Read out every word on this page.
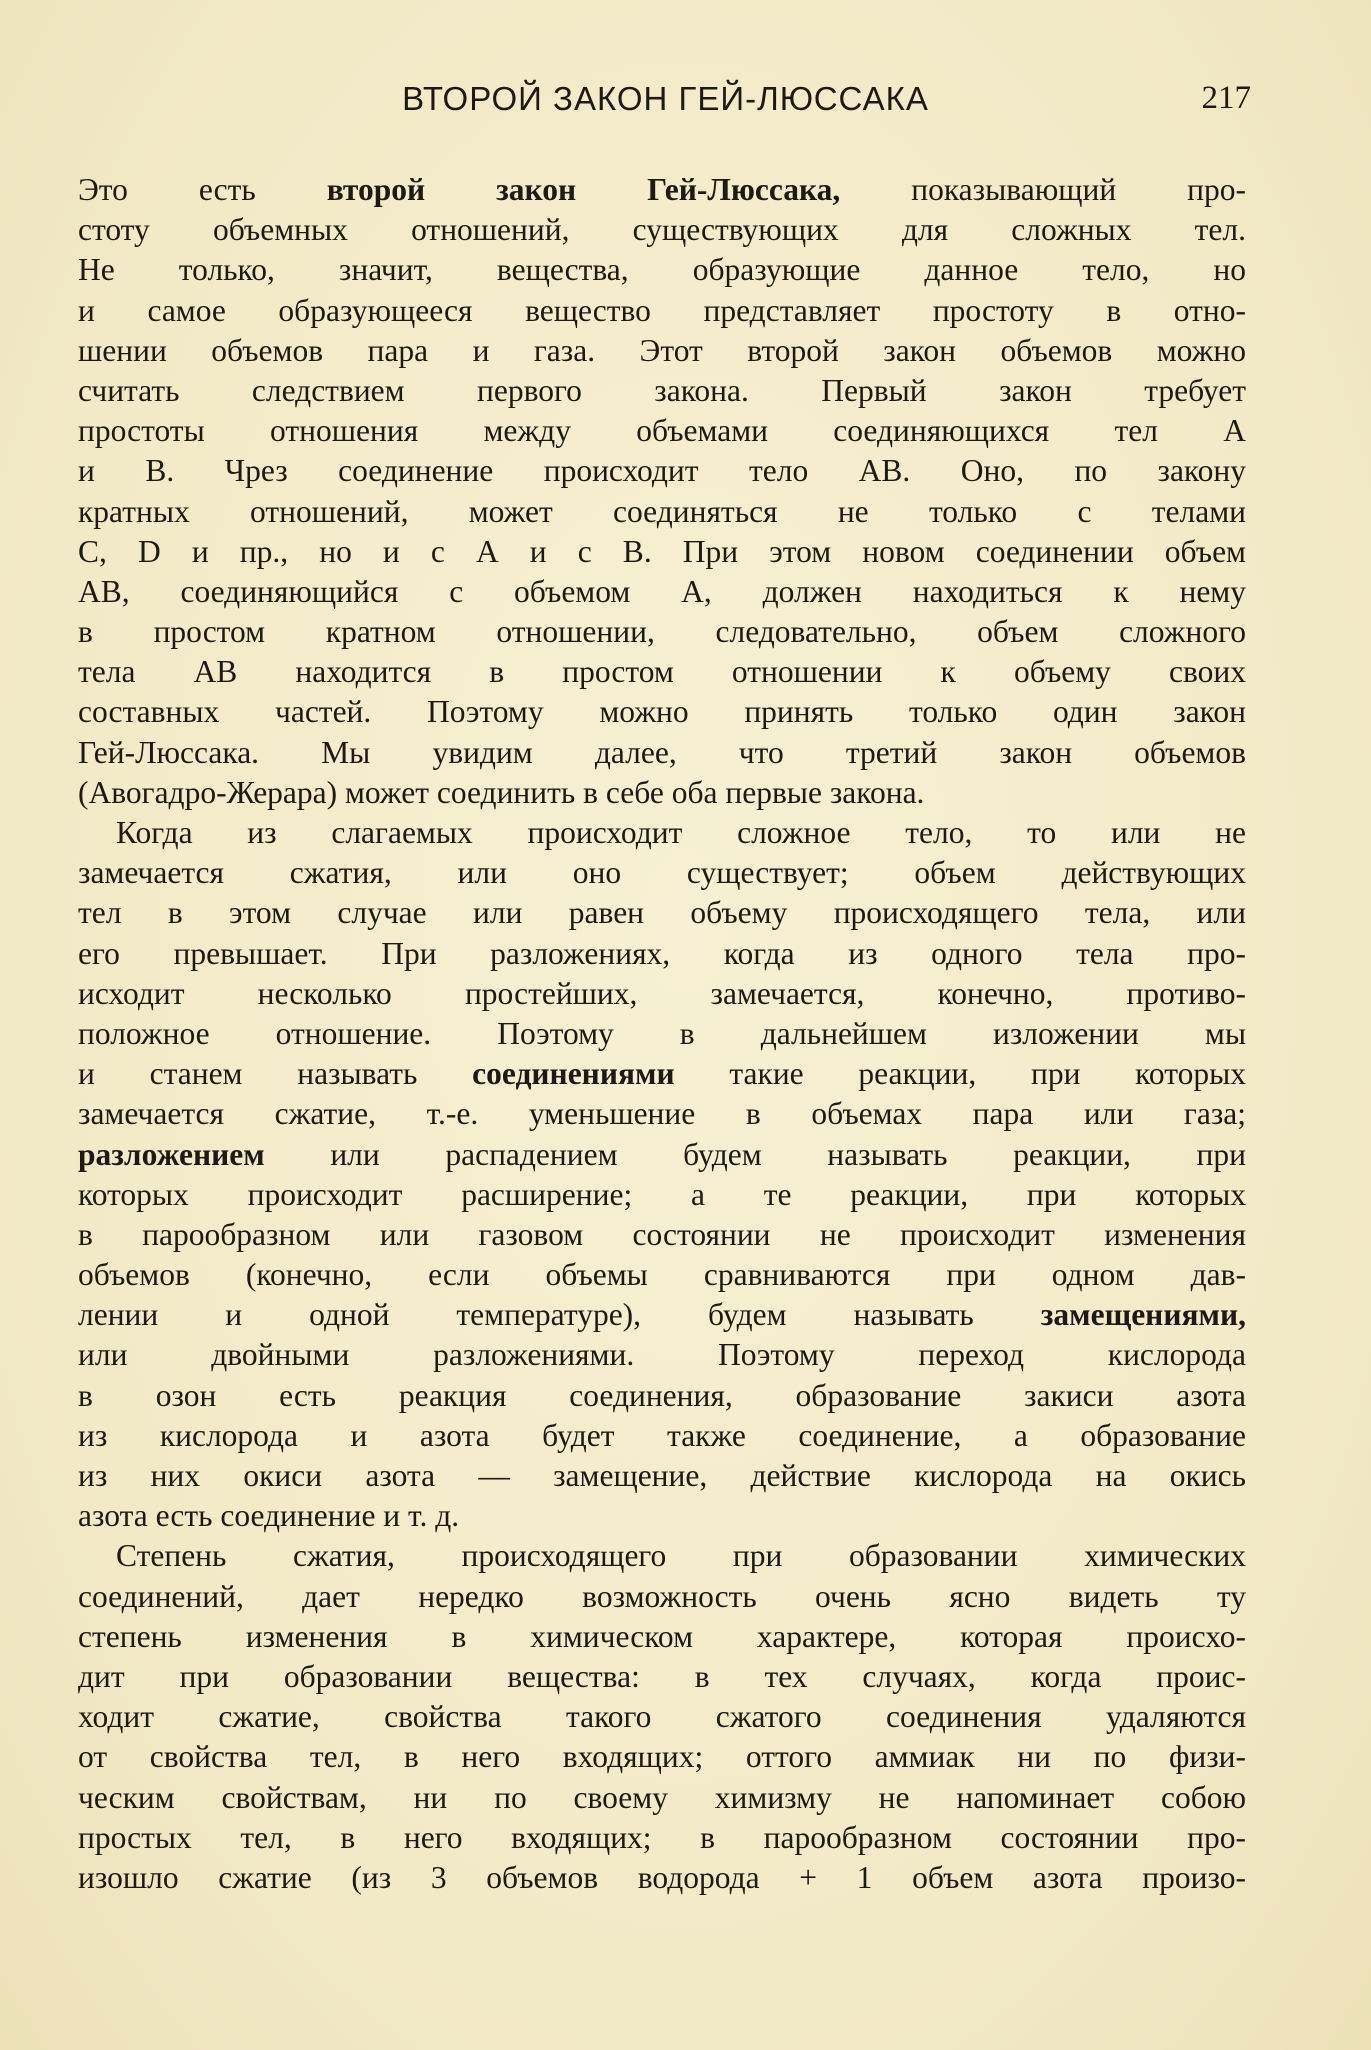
ВТОРОЙ ЗАКОН ГЕЙ-ЛЮССАКА	217
Это есть второй закон Гей-Люссака, показывающий про-
стоту объемных отношений, существующих для сложных тел.
Не только, значит, вещества, образующие данное тело, но
и самое образующееся вещество представляет простоту в отно-
шении объемов пара и газа. Этот второй закон объемов можно
считать следствием первого закона. Первый закон требует
простоты отношения между объемами соединяющихся тел А
и В. Чрез соединение происходит тело АВ. Оно, по закону
кратных отношений, может соединяться не только с телами
С, D и пр., но и с А и с В. При этом новом соединении объем
АВ, соединяющийся с объемом А, должен находиться к нему
в простом кратном отношении, следовательно, объем сложного
тела АВ находится в простом отношении к объему своих
составных частей. Поэтому можно принять только один закон
Гей-Люссака. Мы увидим далее, что третий закон объемов
(Авогадро-Жерара) может соединить в себе оба первые закона.
Когда из слагаемых происходит сложное тело, то или не
замечается сжатия, или оно существует; объем действующих
тел в этом случае или равен объему происходящего тела, или
его превышает. При разложениях, когда из одного тела про-
исходит несколько простейших, замечается, конечно, противо-
положное отношение. Поэтому в дальнейшем изложении мы
и станем называть соединениями такие реакции, при которых
замечается сжатие, т.-е. уменьшение в объемах пара или газа;
разложением или распадением будем называть реакции, при
которых происходит расширение; а те реакции, при которых
в парообразном или газовом состоянии не происходит изменения
объемов (конечно, если объемы сравниваются при одном дав-
лении и одной температуре), будем называть замещениями,
или двойными разложениями. Поэтому переход кислорода
в озон есть реакция соединения, образование закиси азота
из кислорода и азота будет также соединение, а образование
из них окиси азота — замещение, действие кислорода на окись
азота есть соединение и т. д.
Степень сжатия, происходящего при образовании химических
соединений, дает нередко возможность очень ясно видеть ту
степень изменения в химическом характере, которая происхо-
дит при образовании вещества: в тех случаях, когда проис-
ходит сжатие, свойства такого сжатого соединения удаляются
от свойства тел, в него входящих; оттого аммиак ни по физи-
ческим свойствам, ни по своему химизму не напоминает собою
простых тел, в него входящих; в парообразном состоянии про-
изошло сжатие (из 3 объемов водорода + 1 объем азота произо-
